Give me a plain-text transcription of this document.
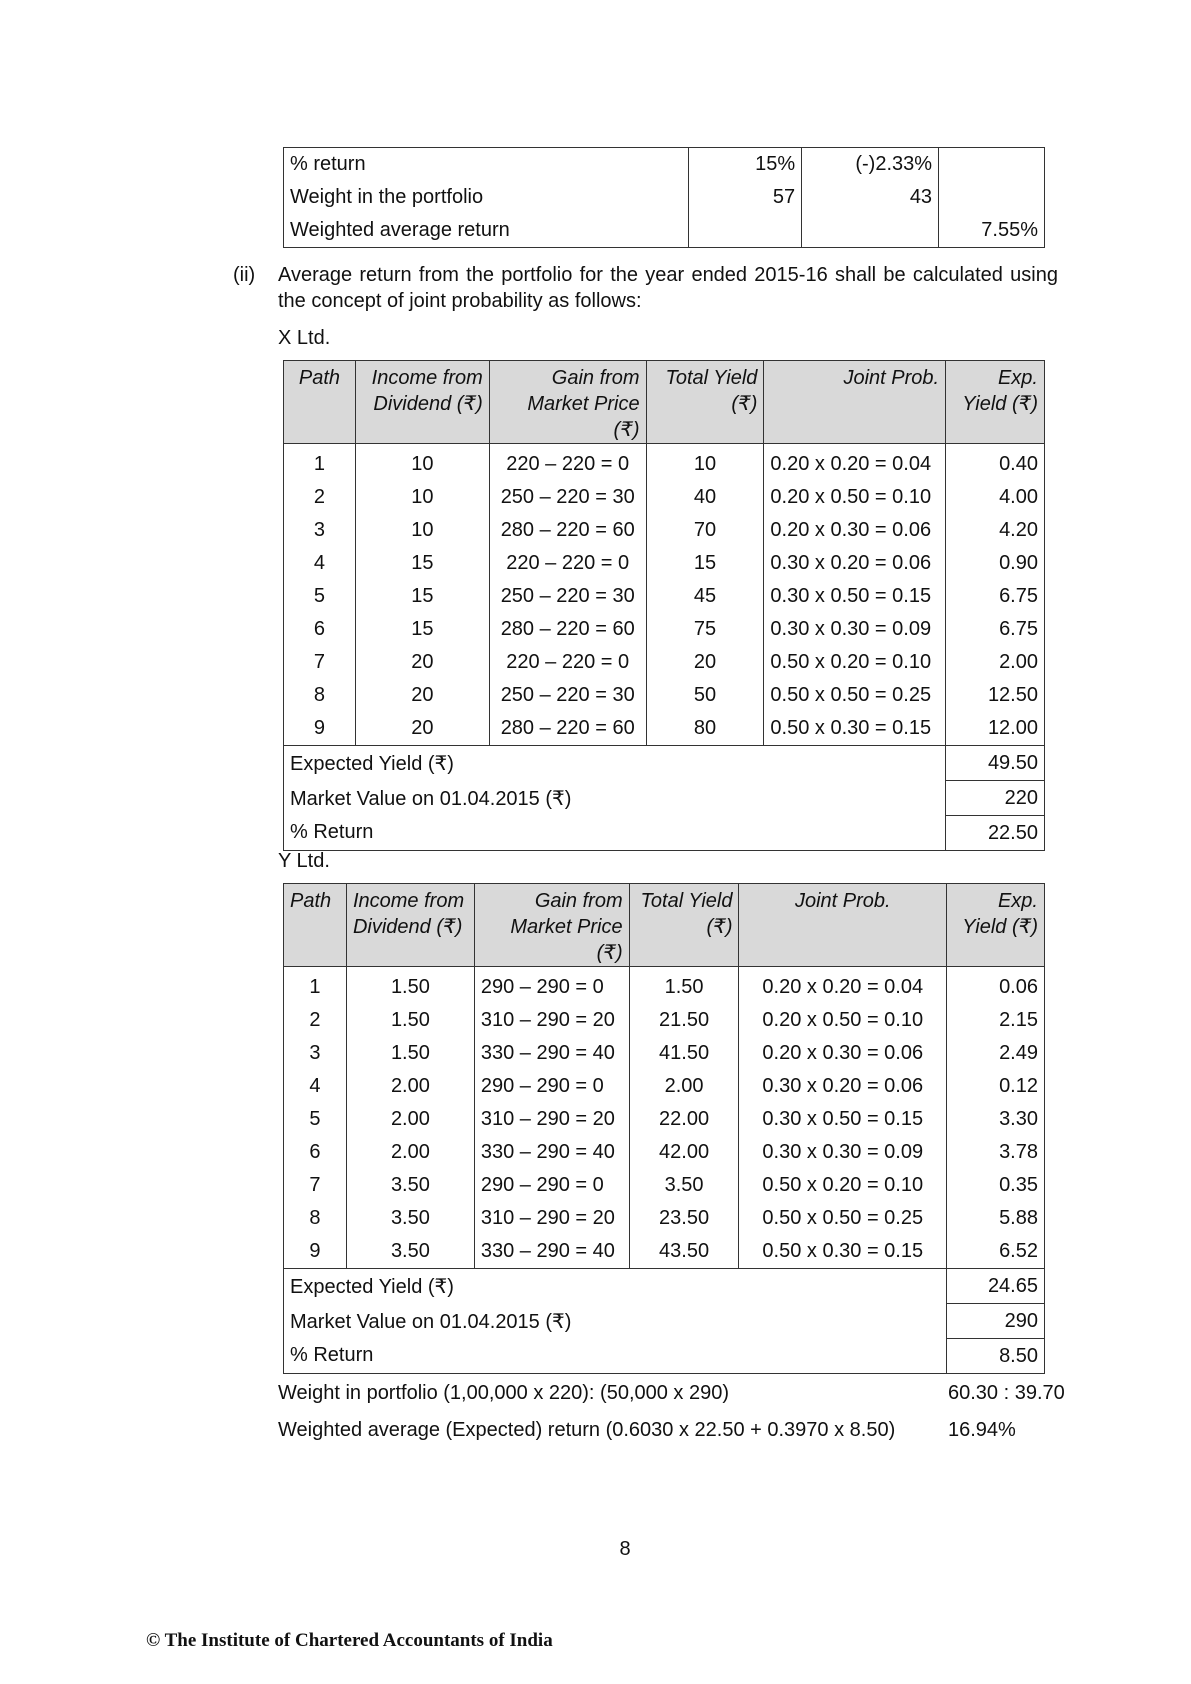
% return	15%	(-)2.33%	
Weight in the portfolio	57	43	
Weighted average return			7.55%
(ii) Average return from the portfolio for the year ended 2015-16 shall be calculated using the concept of joint probability as follows:
X Ltd.
Path	Income from Dividend (₹)	Gain from Market Price (₹)	Total Yield (₹)	Joint Prob.	Exp. Yield (₹)
1	10	220 – 220 = 0	10	0.20 x 0.20 = 0.04	0.40
2	10	250 – 220 = 30	40	0.20 x 0.50 = 0.10	4.00
3	10	280 – 220 = 60	70	0.20 x 0.30 = 0.06	4.20
4	15	220 – 220 = 0	15	0.30 x 0.20 = 0.06	0.90
5	15	250 – 220 = 30	45	0.30 x 0.50 = 0.15	6.75
6	15	280 – 220 = 60	75	0.30 x 0.30 = 0.09	6.75
7	20	220 – 220 = 0	20	0.50 x 0.20 = 0.10	2.00
8	20	250 – 220 = 30	50	0.50 x 0.50 = 0.25	12.50
9	20	280 – 220 = 60	80	0.50 x 0.30 = 0.15	12.00
Expected Yield (₹)					49.50
Market Value on 01.04.2015 (₹)					220
% Return					22.50
Y Ltd.
Path	Income from Dividend (₹)	Gain from Market Price (₹)	Total Yield (₹)	Joint Prob.	Exp. Yield (₹)
1	1.50	290 – 290 = 0	1.50	0.20 x 0.20 = 0.04	0.06
2	1.50	310 – 290 = 20	21.50	0.20 x 0.50 = 0.10	2.15
3	1.50	330 – 290 = 40	41.50	0.20 x 0.30 = 0.06	2.49
4	2.00	290 – 290 = 0	2.00	0.30 x 0.20 = 0.06	0.12
5	2.00	310 – 290 = 20	22.00	0.30 x 0.50 = 0.15	3.30
6	2.00	330 – 290 = 40	42.00	0.30 x 0.30 = 0.09	3.78
7	3.50	290 – 290 = 0	3.50	0.50 x 0.20 = 0.10	0.35
8	3.50	310 – 290 = 20	23.50	0.50 x 0.50 = 0.25	5.88
9	3.50	330 – 290 = 40	43.50	0.50 x 0.30 = 0.15	6.52
Expected Yield (₹)					24.65
Market Value on 01.04.2015 (₹)					290
% Return					8.50
Weight in portfolio (1,00,000 x 220): (50,000 x 290)	60.30 : 39.70
Weighted average (Expected) return (0.6030 x 22.50 + 0.3970 x 8.50)	16.94%
8
© The Institute of Chartered Accountants of India
